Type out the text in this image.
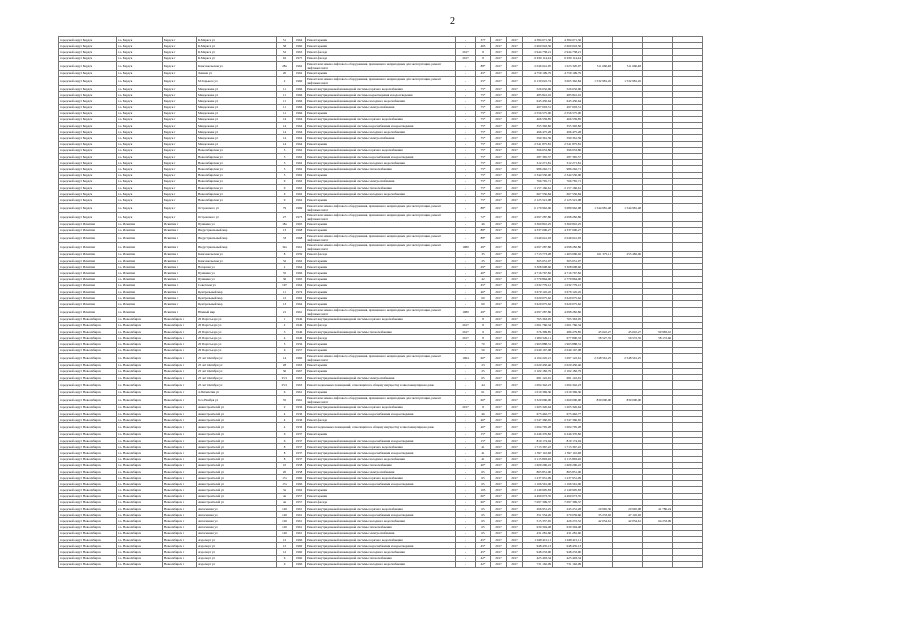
2
городской округ Бердск	г.о. Бердск	Бердск г	К.Маркса ул	51	1964	Ремонт крыши	-	377	2017	2017	4 384 671,36	4 384 671,36				
городской округ Бердск	г.о. Бердск	Бердск г	К.Маркса ул	58	1960	Ремонт крыши	-	465	2017	2017	2 660 043,56	2 660 043,56				
городской округ Бердск	г.о. Бердск	Бердск г	К.Маркса ул	52	1963	Ремонт фасада	2017	8	2017	2017	2 944 758,21	2 944 758,21				
городской округ Бердск	г.о. Бердск	Бердск г	К.Маркса ул	62	1975	Ремонт фасада	2017	8	2017	2017	6 930 114,24	6 930 114,24				
городской округ Бердск	г.о. Бердск	Бердск г	Комсомольская ул	28а	1962	Ремонт или замена лифтового оборудования, признанного непригодным для эксплуатации, ремонт лифтовых шахт	-	88*	2017	2017	2 046 641,95	1 023 320,97	511 660,48	511 660,48		
городской округ Бердск	г.о. Бердск	Бердск г	Ленина ул	20	1962	Ремонт крыши	-	45*	2017	2017	4 759 199,79	4 759 199,79				
городской округ Бердск	г.о. Бердск	Бердск г	М.Горького ул	2	1960	Ремонт или замена лифтового оборудования, признанного непригодным для эксплуатации, ремонт лифтовых шахт	-	25*	2017	2017	6 130 022,74	3 065 362,84	1 532 981,45	1 532 981,45		
городской округ Бердск	г.о. Бердск	Бердск г	Менделеева ул	11	1966	Ремонт внутридомовой инженерной системы горячего водоснабжения	-	75*	2017	2017	526 632,96	526 632,96				
городской округ Бердск	г.о. Бердск	Бердск г	Менделеева ул	11	1966	Ремонт внутридомовой инженерной системы водоотведения и водоотведения	-	75*	2017	2017	485 841,16	485 841,16				
городской округ Бердск	г.о. Бердск	Бердск г	Менделеева ул	11	1966	Ремонт внутридомовой инженерной системы холодного водоснабжения	-	75*	2017	2017	645 450,64	645 450,64				
городской округ Бердск	г.о. Бердск	Бердск г	Менделеева ул	11	1966	Ремонт внутридомовой инженерной системы электроснабжения	-	75*	2017	2017	497 003,51	497 003,51				
городской округ Бердск	г.о. Бердск	Бердск г	Менделеева ул	11	1966	Ремонт крыши	-	75*	2017	2017	2 556 575,00	2 556 575,00				
городской округ Бердск	г.о. Бердск	Бердск г	Менделеева ул	14	1964	Ремонт внутридомовой инженерной системы горячего водоснабжения	-	75*	2017	2017	466 559,85	466 559,85				
городской округ Бердск	г.о. Бердск	Бердск г	Менделеева ул	14	1964	Ремонт внутридомовой инженерной системы водоснабжения и водоотведения	-	75*	2017	2017	355 392,82	355 392,82				
городской округ Бердск	г.о. Бердск	Бердск г	Менделеева ул	14	1964	Ремонт внутридомовой инженерной системы холодного водоснабжения	-	75*	2017	2017	496 475,28	496 475,28				
городской округ Бердск	г.о. Бердск	Бердск г	Менделеева ул	14	1964	Ремонт внутридомовой инженерной системы электроснабжения	-	75*	2017	2017	590 361,59	590 361,59				
городской округ Бердск	г.о. Бердск	Бердск г	Менделеева ул	14	1964	Ремонт крыши	-	75*	2017	2017	2 541 875,81	2 541 875,81				
городской округ Бердск	г.о. Бердск	Бердск г	Новосибирская ул	5	1962	Ремонт внутридомовой инженерной системы горячего водоснабжения	-	75*	2017	2017	396 653,86	396 653,86				
городской округ Бердск	г.о. Бердск	Бердск г	Новосибирская ул	5	1962	Ремонт внутридомовой инженерной системы водоснабжения и водоотведения	-	75*	2017	2017	287 365,57	287 365,57				
городской округ Бердск	г.о. Бердск	Бердск г	Новосибирская ул	5	1962	Ремонт внутридомовой инженерной системы холодного водоснабжения	-	75*	2017	2017	312 271,81	312 271,81				
городской округ Бердск	г.о. Бердск	Бердск г	Новосибирская ул	5	1962	Ремонт внутридомовой инженерной системы теплоснабжения	-	75*	2017	2017	986 262,71	986 262,71				
городской округ Бердск	г.о. Бердск	Бердск г	Новосибирская ул	5	1962	Ремонт крыши	-	75*	2017	2017	2 344 550,00	2 344 550,00				
городской округ Бердск	г.о. Бердск	Бердск г	Новосибирская ул	9	1962	Ремонт внутридомовой инженерной системы электроснабжения	-	75*	2017	2017	766 765,71	766 765,71				
городской округ Бердск	г.о. Бердск	Бердск г	Новосибирская ул	9	1962	Ремонт внутридомовой инженерной системы теплоснабжения	-	75*	2017	2017	2 157 166,61	2 157 166,61				
городской округ Бердск	г.о. Бердск	Бердск г	Новосибирская ул	9	1962	Ремонт внутридомовой инженерной системы холодного водоснабжения	-	75*	2017	2017	667 556,84	667 556,84				
городской округ Бердск	г.о. Бердск	Бердск г	Новосибирская ул	9	1962	Ремонт крыши	-	75*	2017	2017	2 125 521,98	2 125 521,98				
городской округ Бердск	г.о. Бердск	Бердск г	Островского ул	79	1969	Ремонт или замена лифтового оборудования, признанного непригодным для эксплуатации, ремонт лифтовых шахт	-	88*	2017	2017	6 179 962,96	3 089 962,98	1 544 981,48	1 544 981,48		
городской округ Бердск	г.о. Бердск	Бердск г	Островского ул	27	1973	Ремонт или замена лифтового оборудования, признанного непригодным для эксплуатации, ремонт лифтовых шахт	-	72*	2017	2017	4 097 287,86	4 098 282,86				
городской округ Искитим	г.о. Искитим	Искитим г	Пушкина ул	18а	1965	Ремонт крыши	-	46	2017	2017	3 360 810,25	3 360 810,25				
городской округ Искитим	г.о. Искитим	Искитим г	Индустриальный мкр	13	1968	Ремонт крыши	-	88*	2017	2017	4 337 006,27	4 337 006,27				
городской округ Искитим	г.о. Искитим	Искитим г	Индустриальный мкр	33	1968	Ремонт или замена лифтового оборудования, признанного непригодным для эксплуатации, ремонт лифтовых шахт	-	88*	2017	2017	2 049 641,93	2 049 641,93				
городской округ Искитим	г.о. Искитим	Искитим г	Индустриальный мкр	32а	1961	Ремонт или замена лифтового оборудования, признанного непригодным для эксплуатации, ремонт лифтовых шахт	1980	49*	2017	2017	4 097 287,86	4 098 282,86				
городской округ Искитим	г.о. Искитим	Искитим г	Комсомольская ул	8	1959	Ремонт фасада	-	35	2017	2017	1 713 773,28	1 463 090,02	161 375,11	255 482,06		
городской округ Искитим	г.о. Искитим	Искитим г	Комсомольская ул	32	1962	Ремонт крыши	-	25	2017	2017	365 651,07	365 651,07				
городской округ Искитим	г.о. Искитим	Искитим г	Нагорная ул	2	1964	Ремонт крыши	-	29*	2017	2017	3 308 608,66	3 308 608,66				
городской округ Искитим	г.о. Искитим	Искитим г	Пушкина ул	35	1966	Ремонт крыши	-	40*	2017	2017	4 716 767,82	4 716 767,82				
городской округ Искитим	г.о. Искитим	Искитим г	Пушкина ул	36	1965	Ремонт крыши	-	42	2017	2017	2 779 864,00	2 779 864,00				
городской округ Искитим	г.о. Искитим	Искитим г	Советская ул	197	1964	Ремонт крыши	-	45*	2017	2017	1 032 779,12	1 032 779,12				
городской округ Искитим	г.о. Искитим	Искитим г	Центральный мкр	11	1974	Ремонт крыши	-	40*	2017	2017	3 679 145,45	3 679 145,45				
городской округ Искитим	г.о. Искитим	Искитим г	Центральный мкр	12	1962	Ремонт крыши	-	60	2017	2017	3 620 075,62	3 620 075,62				
городской округ Искитим	г.о. Искитим	Искитим г	Центральный мкр	13	1964	Ремонт крыши	-	60	2017	2017	3 620 075,62	3 620 075,62				
городской округ Искитим	г.о. Искитим	Искитим г	Южный мкр	21	1961	Ремонт или замена лифтового оборудования, признанного непригодным для эксплуатации, ремонт лифтовых шахт	1980	49*	2017	2017	4 097 287,86	4 098 282,86				
городской округ Новосибирск	г.о. Новосибирск	Новосибирск г	20 Партсъезда ул	1	1946	Ремонт внутридомовой инженерной системы горячего водоснабжения	-	8	2017	2017	765 363,05	765 363,05				
городской округ Новосибирск	г.о. Новосибирск	Новосибирск г	20 Партсъезда ул	2	1946	Ремонт фасада	2017	8	2017	2017	1 061 766,34	1 061 766,34				
городской округ Новосибирск	г.о. Новосибирск	Новосибирск г	20 Партсъезда ул	3	1946	Ремонт внутридомовой инженерной системы теплоснабжения	2017	9	2017	2017	576 399,85	486 279,85	45 610,27	45 610,27	90 983,10	
городской округ Новосибирск	г.о. Новосибирск	Новосибирск г	20 Партсъезда ул	4	1946	Ремонт фасада	2017	8	2017	2017	1 000 526,11	677 800,33	58 527,35	59 572,35	58 172,66	
городской округ Новосибирск	г.о. Новосибирск	Новосибирск г	20 Партсъезда ул	5	1956	Ремонт крыши	-	70	2017	2017	1 963 888,31	1 963 888,31				
городской округ Новосибирск	г.о. Новосибирск	Новосибирск г	20 Партсъезда ул	6	1957	Ремонт крыши	-	50	2017	2017	2 040 167,08	2 040 167,08				
городской округ Новосибирск	г.о. Новосибирск	Новосибирск г	25 лет Октября ул	14	1960	Ремонт или замена лифтового оборудования, признанного непригодным для эксплуатации, ремонт лифтовых шахт	1964	60*	2017	2017	4 104 245,21	1 097 122,61	2 548 561,25	2 548 561,25		
городской округ Новосибирск	г.о. Новосибирск	Новосибирск г	25 лет Октября ул	28	1963	Ремонт крыши	-	23	2017	2017	2 020 450,46	2 020 450,46				
городской округ Новосибирск	г.о. Новосибирск	Новосибирск г	25 лет Октября ул	36	1967	Ремонт крыши	-	25	2017	2017	2 102 182,79	2 102 182,79				
городской округ Новосибирск	г.о. Новосибирск	Новосибирск г	25 лет Октября ул	25/1	1963	Ремонт внутридомовой инженерной системы электроснабжения	-	65	2017	2017	681 122,91	681 122,91				
городской округ Новосибирск	г.о. Новосибирск	Новосибирск г	25 лет Октября ул	25/1	1963	Ремонт подвальных помещений, относящихся к общему имуществу в многоквартирном доме	-	44	2017	2017	1 004 342,23	1 004 342,23				
городской округ Новосибирск	г.о. Новосибирск	Новосибирск г	4-Пятилетки ул	6	1961	Ремонт крыши	-	61	2017	2017	1 019 369,36	1 019 369,36				
городской округ Новосибирск	г.о. Новосибирск	Новосибирск г	9-го Ноября ул	35	1961	Ремонт или замена лифтового оборудования, признанного непригодным для эксплуатации, ремонт лифтовых шахт	-	60*	2017	2017	3 320 096,00	1 660 000,00	830 000,00	830 000,00		
городской округ Новосибирск	г.о. Новосибирск	Новосибирск г	Авиастроителей ул	2	1936	Ремонт внутридомовой инженерной системы горячего водоснабжения	2017	8	2017	2017	1 205 326,64	1 205 326,64				
городской округ Новосибирск	г.о. Новосибирск	Новосибирск г	Авиастроителей ул	4	1936	Ремонт внутридомовой инженерной системы водоснабжения и водоотведения	-	46	2017	2017	675 462,77	675 462,77				
городской округ Новосибирск	г.о. Новосибирск	Новосибирск г	Авиастроителей ул	4	1936	Ремонт фасада	-	40*	2017	2017	2 547 360,65	2 547 360,65				
городской округ Новосибирск	г.о. Новосибирск	Новосибирск г	Авиастроителей ул	4	1936	Ремонт подвальных помещений, относящихся к общему имуществу в многоквартирном доме	-	40*	2017	2017	1 004 795,28	1 004 795,28				
городской округ Новосибирск	г.о. Новосибирск	Новосибирск г	Авиастроителей ул	6	1937	Ремонт крыши	-	15*	2017	2017	6 246 370,82	6 246 370,82				
городской округ Новосибирск	г.о. Новосибирск	Новосибирск г	Авиастроителей ул	6	1937	Ремонт внутридомовой инженерной системы водоснабжения и водоотведения	-	15*	2017	2017	819 174,04	819 174,04				
городской округ Новосибирск	г.о. Новосибирск	Новосибирск г	Авиастроителей ул	8	1937	Ремонт внутридомовой инженерной системы горячего водоснабжения	-	41	2017	2017	1 713 367,22	1 713 367,22				
городской округ Новосибирск	г.о. Новосибирск	Новосибирск г	Авиастроителей ул	8	1937	Ремонт внутридомовой инженерной системы водоснабжения и водоотведения	-	41	2017	2017	1 397 110,68	1 397 110,68				
городской округ Новосибирск	г.о. Новосибирск	Новосибирск г	Авиастроителей ул	8	1937	Ремонт внутридомовой инженерной системы холодного водоснабжения	-	41	2017	2017	2 115 893,26	2 115 893,26				
городской округ Новосибирск	г.о. Новосибирск	Новосибирск г	Авиастроителей ул	10	1938	Ремонт внутридомовой инженерной системы теплоснабжения	-	40*	2017	2017	1 609 296,22	1 609 296,22				
городской округ Новосибирск	г.о. Новосибирск	Новосибирск г	Авиастроителей ул	20	1958	Ремонт внутридомовой инженерной системы электроснабжения	-	65	2017	2017	865 851,00	865 851,00				
городской округ Новосибирск	г.о. Новосибирск	Новосибирск г	Авиастроителей ул	17а	1960	Ремонт внутридомовой инженерной системы горячего водоснабжения	-	65	2017	2017	1 237 951,09	1 237 951,09				
городской округ Новосибирск	г.о. Новосибирск	Новосибирск г	Авиастроителей ул	17а	1960	Ремонт внутридомовой инженерной системы водоснабжения и водоотведения	-	65	2017	2017	1 106 561,06	1 106 561,06				
городской округ Новосибирск	г.о. Новосибирск	Новосибирск г	Авиастроителей ул	3а	1962	Ремонт крыши	-	105	2017	2017	2 149 905,83	2 149 905,83				
городской округ Новосибирск	г.о. Новосибирск	Новосибирск г	Авиастроителей ул	4а	1957	Ремонт крыши	-	60*	2017	2017	4 490 073,35	4 490 073,35				
городской округ Новосибирск	г.о. Новосибирск	Новосибирск г	Авиастроителей ул	4а	1957	Ремонт фасада	-	60*	2017	2017	7 097 399,37	7 097 399,37				
городской округ Новосибирск	г.о. Новосибирск	Новосибирск г	Автогенная ул	126	1961	Ремонт внутридомовой инженерной системы горячего водоснабжения	-	65	2017	2017	266 951,25	245 231,28	20 965,36	20 965,98	41 786,24	
городской округ Новосибирск	г.о. Новосибирск	Новосибирск г	Автогенная ул	126	1961	Ремонт внутридомовой инженерной системы водоснабжения и водоотведения	-	65	2017	2017	351 554,26	270 659,66	35 233,92	47 145,92		
городской округ Новосибирск	г.о. Новосибирск	Новосибирск г	Автогенная ул	126	1961	Ремонт внутридомовой инженерной системы холодного водоснабжения	-	65	2017	2017	515 357,65	426 272,52	42 054,61	42 054,61	64 233,09	
городской округ Новосибирск	г.о. Новосибирск	Новосибирск г	Автогенная ул	126	1961	Ремонт внутридомовой инженерной системы теплоснабжения	-	65	2017	2017	630 304,48	630 304,48				
городской округ Новосибирск	г.о. Новосибирск	Новосибирск г	Автогенная ул	126	1961	Ремонт внутридомовой инженерной системы электроснабжения	-	65	2017	2017	431 281,60	431 281,60				
городской округ Новосибирск	г.о. Новосибирск	Новосибирск г	Аэропорт ул	12	1960	Ремонт внутридомовой инженерной системы горячего водоснабжения	-	45*	2017	2017	1 048 415,11	1 048 415,11				
городской округ Новосибирск	г.о. Новосибирск	Новосибирск г	Аэропорт ул	12	1960	Ремонт внутридомовой инженерной системы водоснабжения и водоотведения	-	45*	2017	2017	948 435,13	948 435,13				
городской округ Новосибирск	г.о. Новосибирск	Новосибирск г	Аэропорт ул	12	1960	Ремонт внутридомовой инженерной системы холодного водоснабжения	-	45*	2017	2017	948 233,90	948 233,90				
городской округ Новосибирск	г.о. Новосибирск	Новосибирск г	Аэропорт ул	6	1960	Ремонт внутридомовой инженерной системы теплоснабжения	-	42*	2017	2017	425 403,34	425 403,34				
городской округ Новосибирск	г.о. Новосибирск	Новосибирск г	Аэропорт ул	6	1960	Ремонт внутридомовой инженерной системы холодного водоснабжения	-	42*	2017	2017	731 162,09	731 162,09				
